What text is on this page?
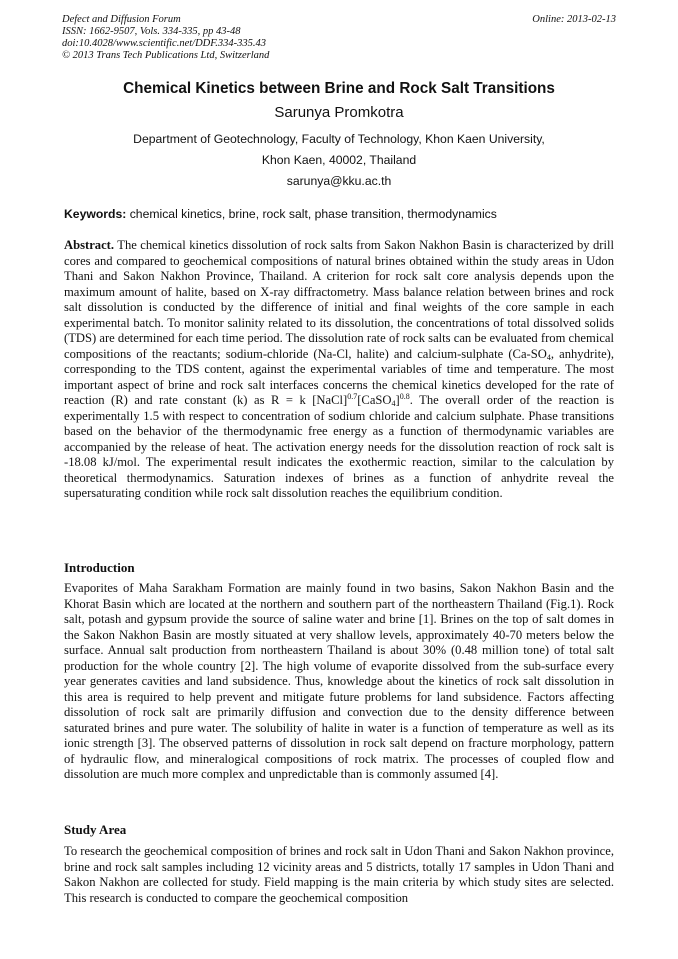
Defect and Diffusion Forum
ISSN: 1662-9507, Vols. 334-335, pp 43-48
doi:10.4028/www.scientific.net/DDF.334-335.43
© 2013 Trans Tech Publications Ltd, Switzerland
Online: 2013-02-13
Chemical Kinetics between Brine and Rock Salt Transitions
Sarunya Promkotra
Department of Geotechnology, Faculty of Technology, Khon Kaen University,
Khon Kaen, 40002, Thailand
sarunya@kku.ac.th
Keywords: chemical kinetics, brine, rock salt, phase transition, thermodynamics

Abstract. The chemical kinetics dissolution of rock salts from Sakon Nakhon Basin is characterized by drill cores and compared to geochemical compositions of natural brines obtained within the study areas in Udon Thani and Sakon Nakhon Province, Thailand. A criterion for rock salt core analysis depends upon the maximum amount of halite, based on X-ray diffractometry. Mass balance relation between brines and rock salt dissolution is conducted by the difference of initial and final weights of the core sample in each experimental batch. To monitor salinity related to its dissolution, the concentrations of total dissolved solids (TDS) are determined for each time period. The dissolution rate of rock salts can be evaluated from chemical compositions of the reactants; sodium-chloride (Na-Cl, halite) and calcium-sulphate ($Ca-SO_4$, anhydrite), corresponding to the TDS content, against the experimental variables of time and temperature. The most important aspect of brine and rock salt interfaces concerns the chemical kinetics developed for the rate of reaction (R) and rate constant (k) as R = k [NaCl]$^{0.7}$[CaSO$_4$]$^{0.8}$. The overall order of the reaction is experimentally 1.5 with respect to concentration of sodium chloride and calcium sulphate. Phase transitions based on the behavior of the thermodynamic free energy as a function of thermodynamic variables are accompanied by the release of heat. The activation energy needs for the dissolution reaction of rock salt is -18.08 kJ/mol. The experimental result indicates the exothermic reaction, similar to the calculation by theoretical thermodynamics. Saturation indexes of brines as a function of anhydrite reveal the supersaturating condition while rock salt dissolution reaches the equilibrium condition.

Introduction

Evaporites of Maha Sarakham Formation are mainly found in two basins, Sakon Nakhon Basin and the Khorat Basin which are located at the northern and southern part of the northeastern Thailand (Fig.1). Rock salt, potash and gypsum provide the source of saline water and brine [1]. Brines on the top of salt domes in the Sakon Nakhon Basin are mostly situated at very shallow levels, approximately 40-70 meters below the surface. Annual salt production from northeastern Thailand is about 30% (0.48 million tone) of total salt production for the whole country [2]. The high volume of evaporite dissolved from the sub-surface every year generates cavities and land subsidence. Thus, knowledge about the kinetics of rock salt dissolution in this area is required to help prevent and mitigate future problems for land subsidence. Factors affecting dissolution of rock salt are primarily diffusion and convection due to the density difference between saturated brines and pure water. The solubility of halite in water is a function of temperature as well as its ionic strength [3]. The observed patterns of dissolution in rock salt depend on fracture morphology, pattern of hydraulic flow, and mineralogical compositions of rock matrix. The processes of coupled flow and dissolution are much more complex and unpredictable than is commonly assumed [4].

Study Area

To research the geochemical composition of brines and rock salt in Udon Thani and Sakon Nakhon province, brine and rock salt samples including 12 vicinity areas and 5 districts, totally 17 samples in Udon Thani and Sakon Nakhon are collected for study. Field mapping is the main criteria by which study sites are selected. This research is conducted to compare the geochemical composition
